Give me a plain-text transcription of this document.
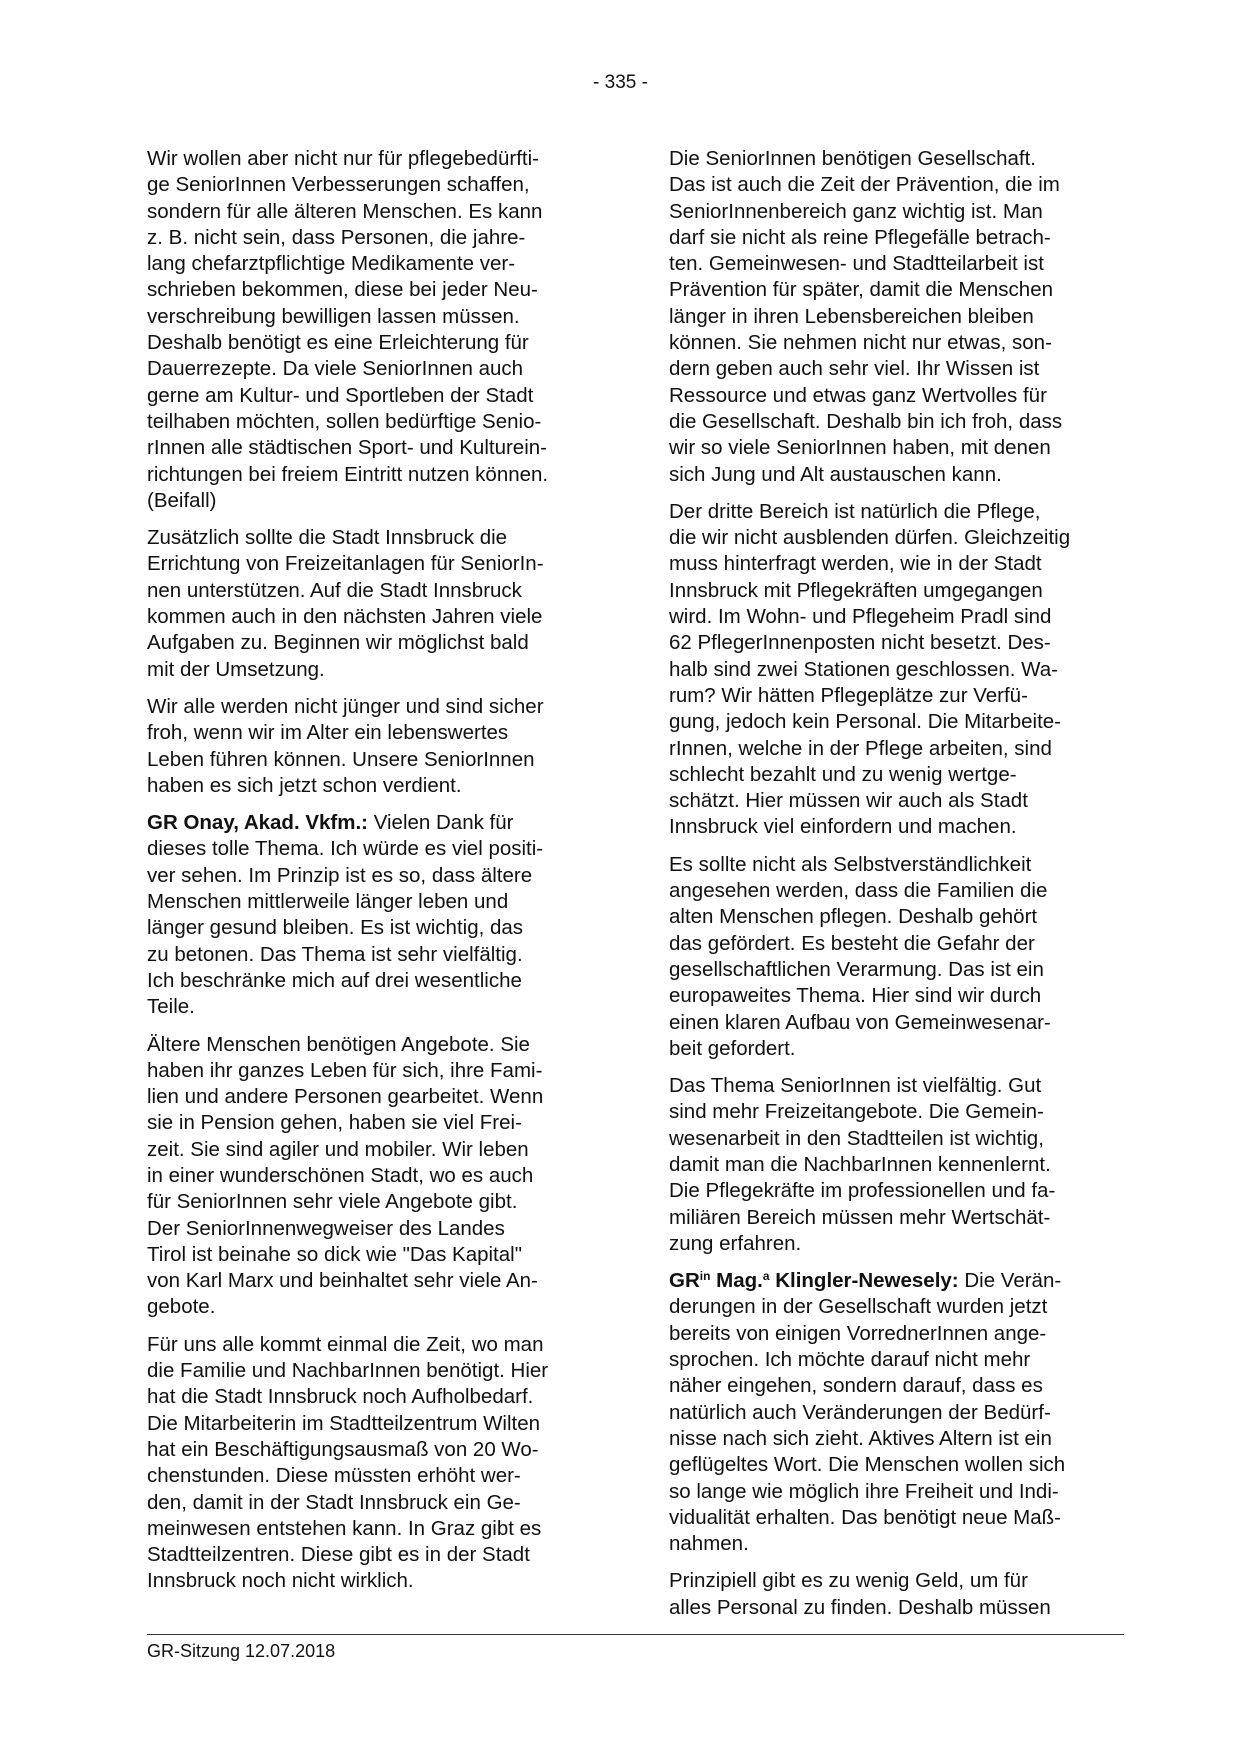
- 335 -

Wir wollen aber nicht nur für pflegebedürfti-
ge SeniorInnen Verbesserungen schaffen,
sondern für alle älteren Menschen. Es kann
z. B. nicht sein, dass Personen, die jahre-
lang chefarztpflichtige Medikamente ver-
schrieben bekommen, diese bei jeder Neu-
verschreibung bewilligen lassen müssen.
Deshalb benötigt es eine Erleichterung für
Dauerrezepte. Da viele SeniorInnen auch
gerne am Kultur- und Sportleben der Stadt
teilhaben möchten, sollen bedürftige Senio-
rInnen alle städtischen Sport- und Kulturein-
richtungen bei freiem Eintritt nutzen können.
(Beifall)

Zusätzlich sollte die Stadt Innsbruck die
Errichtung von Freizeitanlagen für SeniorIn-
nen unterstützen. Auf die Stadt Innsbruck
kommen auch in den nächsten Jahren viele
Aufgaben zu. Beginnen wir möglichst bald
mit der Umsetzung.

Wir alle werden nicht jünger und sind sicher
froh, wenn wir im Alter ein lebenswertes
Leben führen können. Unsere SeniorInnen
haben es sich jetzt schon verdient.

GR Onay, Akad. Vkfm.: Vielen Dank für
dieses tolle Thema. Ich würde es viel positi-
ver sehen. Im Prinzip ist es so, dass ältere
Menschen mittlerweile länger leben und
länger gesund bleiben. Es ist wichtig, das
zu betonen. Das Thema ist sehr vielfältig.
Ich beschränke mich auf drei wesentliche
Teile.

Ältere Menschen benötigen Angebote. Sie
haben ihr ganzes Leben für sich, ihre Fami-
lien und andere Personen gearbeitet. Wenn
sie in Pension gehen, haben sie viel Frei-
zeit. Sie sind agiler und mobiler. Wir leben
in einer wunderschönen Stadt, wo es auch
für SeniorInnen sehr viele Angebote gibt.
Der SeniorInnenwegweiser des Landes
Tirol ist beinahe so dick wie "Das Kapital"
von Karl Marx und beinhaltet sehr viele An-
gebote.

Für uns alle kommt einmal die Zeit, wo man
die Familie und NachbarInnen benötigt. Hier
hat die Stadt Innsbruck noch Aufholbedarf.
Die Mitarbeiterin im Stadtteilzentrum Wilten
hat ein Beschäftigungsausmaß von 20 Wo-
chenstunden. Diese müssten erhöht wer-
den, damit in der Stadt Innsbruck ein Ge-
meinwesen entstehen kann. In Graz gibt es
Stadtteilzentren. Diese gibt es in der Stadt
Innsbruck noch nicht wirklich.

Die SeniorInnen benötigen Gesellschaft.
Das ist auch die Zeit der Prävention, die im
SeniorInnenbereich ganz wichtig ist. Man
darf sie nicht als reine Pflegefälle betrach-
ten. Gemeinwesen- und Stadtteilarbeit ist
Prävention für später, damit die Menschen
länger in ihren Lebensbereichen bleiben
können. Sie nehmen nicht nur etwas, son-
dern geben auch sehr viel. Ihr Wissen ist
Ressource und etwas ganz Wertvolles für
die Gesellschaft. Deshalb bin ich froh, dass
wir so viele SeniorInnen haben, mit denen
sich Jung und Alt austauschen kann.

Der dritte Bereich ist natürlich die Pflege,
die wir nicht ausblenden dürfen. Gleichzeitig
muss hinterfragt werden, wie in der Stadt
Innsbruck mit Pflegekräften umgegangen
wird. Im Wohn- und Pflegeheim Pradl sind
62 PflegerInnenposten nicht besetzt. Des-
halb sind zwei Stationen geschlossen. Wa-
rum? Wir hätten Pflegeplätze zur Verfü-
gung, jedoch kein Personal. Die Mitarbeite-
rInnen, welche in der Pflege arbeiten, sind
schlecht bezahlt und zu wenig wertge-
schätzt. Hier müssen wir auch als Stadt
Innsbruck viel einfordern und machen.

Es sollte nicht als Selbstverständlichkeit
angesehen werden, dass die Familien die
alten Menschen pflegen. Deshalb gehört
das gefördert. Es besteht die Gefahr der
gesellschaftlichen Verarmung. Das ist ein
europaweites Thema. Hier sind wir durch
einen klaren Aufbau von Gemeinwesenar-
beit gefordert.

Das Thema SeniorInnen ist vielfältig. Gut
sind mehr Freizeitangebote. Die Gemein-
wesenarbeit in den Stadtteilen ist wichtig,
damit man die NachbarInnen kennenlernt.
Die Pflegekräfte im professionellen und fa-
miliären Bereich müssen mehr Wertschät-
zung erfahren.

$GR^{in}$ Mag.$^a$ Klingler-Newesely: Die Verän-
derungen in der Gesellschaft wurden jetzt
bereits von einigen VorrednerInnen ange-
sprochen. Ich möchte darauf nicht mehr
näher eingehen, sondern darauf, dass es
natürlich auch Veränderungen der Bedürf-
nisse nach sich zieht. Aktives Altern ist ein
geflügeltes Wort. Die Menschen wollen sich
so lange wie möglich ihre Freiheit und Indi-
vidualität erhalten. Das benötigt neue Maß-
nahmen.

Prinzipiell gibt es zu wenig Geld, um für
alles Personal zu finden. Deshalb müssen

GR-Sitzung 12.07.2018
